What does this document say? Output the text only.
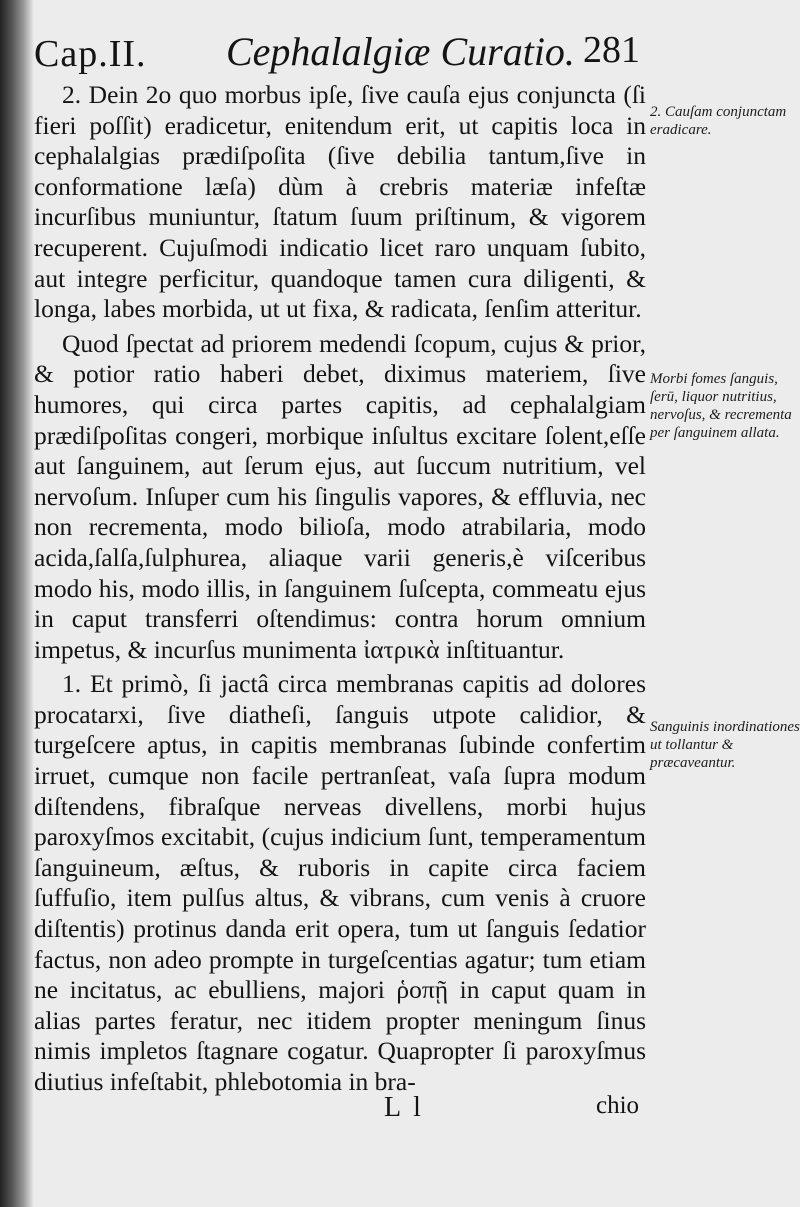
Cap.II. Cephalalgiæ Curatio. 281

2. Dein 2o quo morbus ipſe, ſive cauſa ejus conjuncta (ſi fieri poſſit) eradicetur, enitendum erit, ut capitis loca in cephalalgias prædiſpoſita (ſive debilia tantum,ſive in conformatione læſa) dùm à crebris materiæ infeſtæ incurſibus muniuntur, ſtatum ſuum priſtinum, & vigorem recuperent. Cujuſmodi indicatio licet raro unquam ſubito, aut integre perficitur, quandoque tamen cura diligenti, & longa, labes morbida, ut ut fixa, & radicata, ſenſim atteritur.

Quod ſpectat ad priorem medendi ſcopum, cujus & prior, & potior ratio haberi debet, diximus materiem, ſive humores, qui circa partes capitis, ad cephalalgiam prædiſpoſitas congeri, morbique inſultus excitare ſolent,eſſe aut ſanguinem, aut ſerum ejus, aut ſuccum nutritium, vel nervoſum. Inſuper cum his ſingulis vapores, & effluvia, nec non recrementa, modo bilioſa, modo atrabilaria, modo acida,ſalſa,ſulphurea, aliaque varii generis,è viſceribus modo his, modo illis, in ſanguinem ſuſcepta, commeatu ejus in caput transferri oſtendimus: contra horum omnium impetus, & incurſus munimenta ἰατρικὰ inſtituantur.

1. Et primò, ſi jactâ circa membranas capitis ad dolores procatarxi, ſive diatheſi, ſanguis utpote calidior, & turgeſcere aptus, in capitis membranas ſubinde confertim irruet, cumque non facile pertranſeat, vaſa ſupra modum diſtendens, fibraſque nerveas divellens, morbi hujus paroxyſmos excitabit, (cujus indicium ſunt, temperamentum ſanguineum, æſtus, & ruboris in capite circa faciem ſuffuſio, item pulſus altus, & vibrans, cum venis à cruore diſtentis) protinus danda erit opera, tum ut ſanguis ſedatior factus, non adeo prompte in turgeſcentias agatur; tum etiam ne incitatus, ac ebulliens, majori ῥοπῇ in caput quam in alias partes feratur, nec itidem propter meningum ſinus nimis impletos ſtagnare cogatur. Quapropter ſi paroxyſmus diutius infeſtabit, phlebotomia in bra-

2. Cauſam conjunctam eradicare.
Morbi fomes ſanguis, ſerū, liquor nutritius, nervoſus, & recrementa per ſanguinem allata.
Sanguinis inordinationes ut tollantur & præcaveantur.
L l	chio
